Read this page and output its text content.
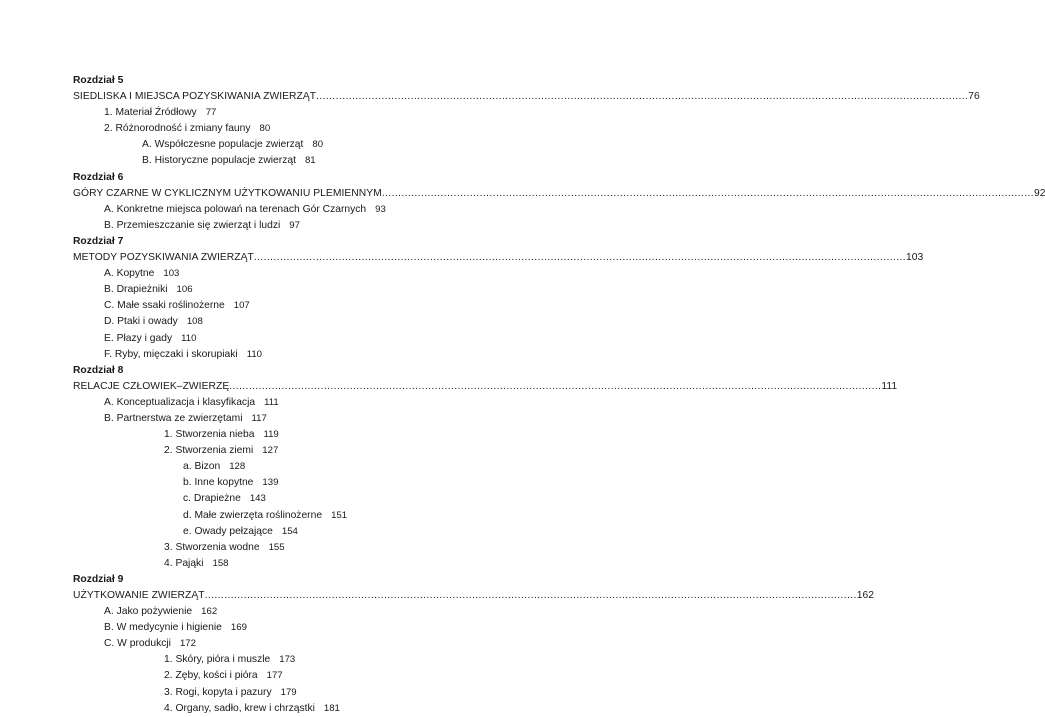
Rozdział 5
SIEDLISKA I MIEJSCA POZYSKIWANIA ZWIERZĄT ........................................................................................................................................................................................................ 76
1. Materiał Źródłowy 77
2. Różnorodność i zmiany fauny 80
A. Współczesne populacje zwierząt 80
B. Historyczne populacje zwierząt 81
Rozdział 6
GÓRY CZARNE W CYKLICZNYM UŻYTKOWANIU PLEMIENNYM ........................................................................................................................................................................................................ 92
A. Konkretne miejsca polowań na terenach Gór Czarnych 93
B. Przemieszczanie się zwierząt i ludzi 97
Rozdział 7
METODY POZYSKIWANIA ZWIERZĄT ........................................................................................................................................................................................................ 103
A. Kopytne 103
B. Drapieżniki 106
C. Małe ssaki roślinożerne 107
D. Ptaki i owady 108
E. Płazy i gady 110
F. Ryby, mięczaki i skorupiaki 110
Rozdział 8
RELACJE CZŁOWIEK–ZWIERZĘ ........................................................................................................................................................................................................ 111
A. Konceptualizacja i klasyfikacja 111
B. Partnerstwa ze zwierzętami 117
1. Stworzenia nieba 119
2. Stworzenia ziemi 127
a. Bizon 128
b. Inne kopytne 139
c. Drapieżne 143
d. Małe zwierzęta roślinożerne 151
e. Owady pełzające 154
3. Stworzenia wodne 155
4. Pająki 158
Rozdział 9
UŻYTKOWANIE ZWIERZĄT ........................................................................................................................................................................................................ 162
A. Jako pożywienie 162
B. W medycynie i higienie 169
C. W produkcji 172
1. Skóry, pióra i muszle 173
2. Zęby, kości i pióra 177
3. Rogi, kopyta i pazury 179
4. Organy, sadło, krew i chrząstki 181
